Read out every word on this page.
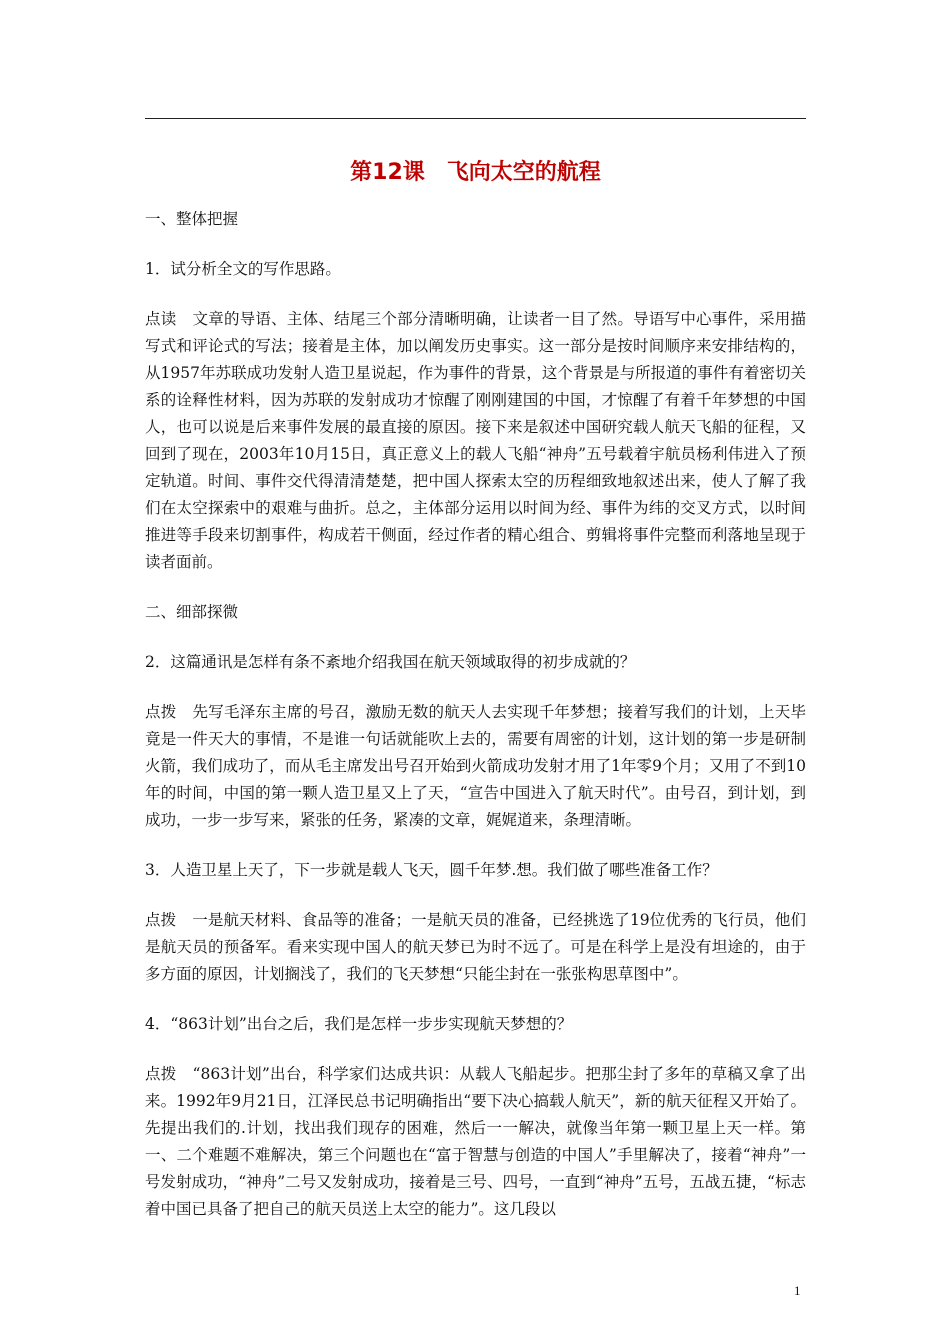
第12课 飞向太空的航程

一、整体把握

1．试分析全文的写作思路。

点读 文章的导语、主体、结尾三个部分清晰明确，让读者一目了然。导语写中心事件，采用描写式和评论式的写法；接着是主体，加以阐发历史事实。这一部分是按时间顺序来安排结构的，从1957年苏联成功发射人造卫星说起，作为事件的背景，这个背景是与所报道的事件有着密切关系的诠释性材料，因为苏联的发射成功才惊醒了刚刚建国的中国，才惊醒了有着千年梦想的中国人，也可以说是后来事件发展的最直接的原因。接下来是叙述中国研究载人航天飞船的征程，又回到了现在，2003年10月15日，真正意义上的载人飞船“神舟”五号载着宇航员杨利伟进入了预定轨道。时间、事件交代得清清楚楚，把中国人探索太空的历程细致地叙述出来，使人了解了我们在太空探索中的艰难与曲折。总之，主体部分运用以时间为经、事件为纬的交叉方式，以时间推进等手段来切割事件，构成若干侧面，经过作者的精心组合、剪辑将事件完整而利落地呈现于读者面前。

二、细部探微

2．这篇通讯是怎样有条不紊地介绍我国在航天领域取得的初步成就的？

点拨 先写毛泽东主席的号召，激励无数的航天人去实现千年梦想；接着写我们的计划，上天毕竟是一件天大的事情，不是谁一句话就能吹上去的，需要有周密的计划，这计划的第一步是研制火箭，我们成功了，而从毛主席发出号召开始到火箭成功发射才用了1年零9个月；又用了不到10年的时间，中国的第一颗人造卫星又上了天，“宣告中国进入了航天时代”。由号召，到计划，到成功，一步一步写来，紧张的任务，紧凑的文章，娓娓道来，条理清晰。

3．人造卫星上天了，下一步就是载人飞天，圆千年梦.想。我们做了哪些准备工作？

点拨 一是航天材料、食品等的准备；一是航天员的准备，已经挑选了19位优秀的飞行员，他们是航天员的预备军。看来实现中国人的航天梦已为时不远了。可是在科学上是没有坦途的，由于多方面的原因，计划搁浅了，我们的飞天梦想“只能尘封在一张张构思草图中”。

4．“863计划”出台之后，我们是怎样一步步实现航天梦想的？

点拨 “863计划”出台，科学家们达成共识：从载人飞船起步。把那尘封了多年的草稿又拿了出来。1992年9月21日，江泽民总书记明确指出“要下决心搞载人航天”，新的航天征程又开始了。先提出我们的.计划，找出我们现存的困难，然后一一解决，就像当年第一颗卫星上天一样。第一、二个难题不难解决，第三个问题也在“富于智慧与创造的中国人”手里解决了，接着“神舟”一号发射成功，“神舟”二号又发射成功，接着是三号、四号，一直到“神舟”五号，五战五捷，“标志着中国已具备了把自己的航天员送上太空的能力”。这几段以

1
